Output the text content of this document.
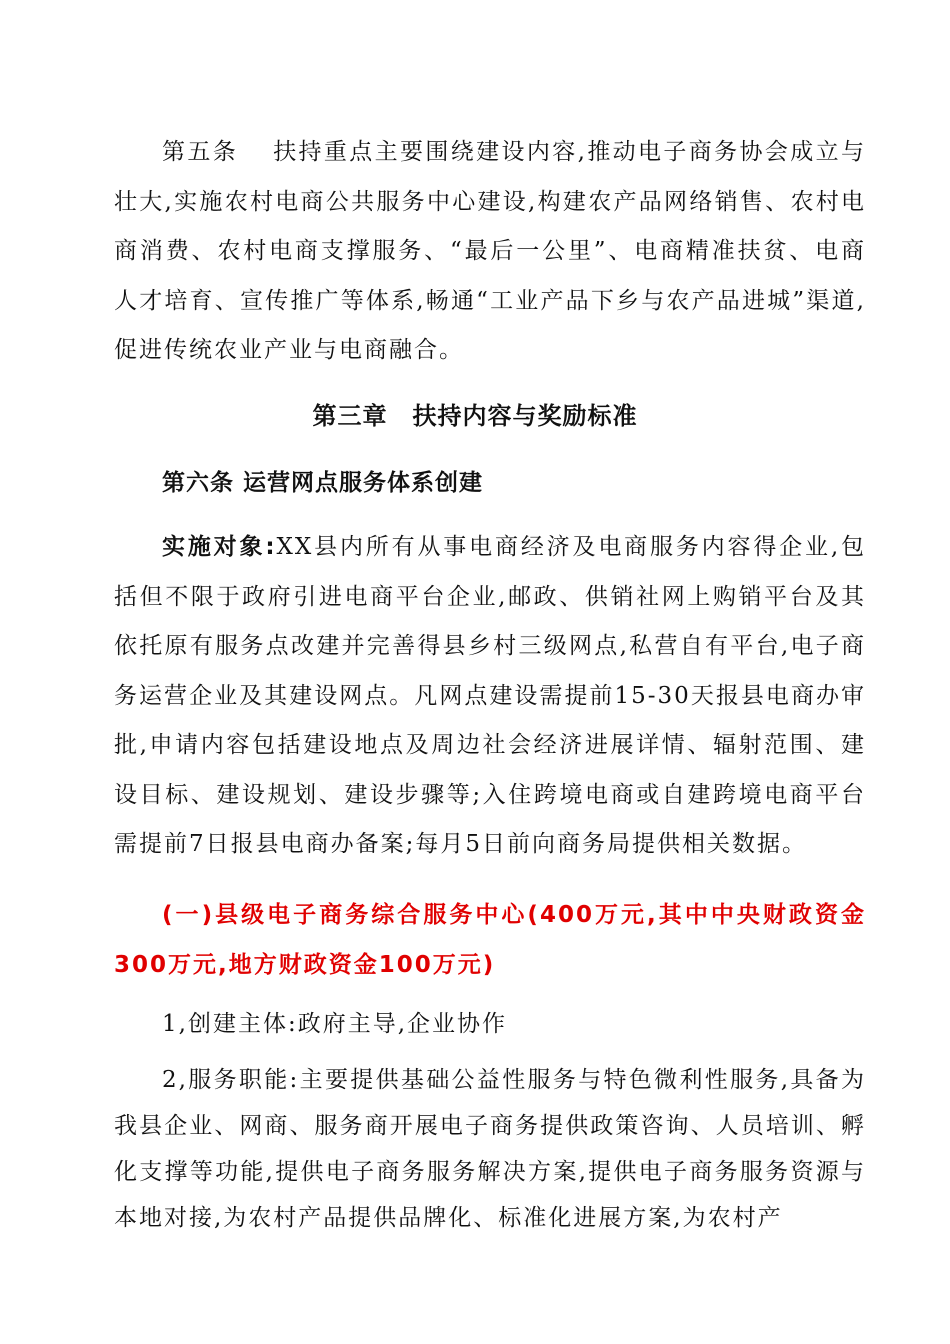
第五条　 扶持重点主要围绕建设内容,推动电子商务协会成立与壮大,实施农村电商公共服务中心建设,构建农产品网络销售、农村电商消费、农村电商支撑服务、“最后一公里”、电商精准扶贫、电商人才培育、宣传推广等体系,畅通“工业产品下乡与农产品进城”渠道,促进传统农业产业与电商融合。

第三章　扶持内容与奖励标准
第六条 运营网点服务体系创建

实施对象:XX县内所有从事电商经济及电商服务内容得企业,包括但不限于政府引进电商平台企业,邮政、供销社网上购销平台及其依托原有服务点改建并完善得县乡村三级网点,私营自有平台,电子商务运营企业及其建设网点。凡网点建设需提前15-30天报县电商办审批,申请内容包括建设地点及周边社会经济进展详情、辐射范围、建设目标、建设规划、建设步骤等;入住跨境电商或自建跨境电商平台需提前7日报县电商办备案;每月5日前向商务局提供相关数据。

(一)县级电子商务综合服务中心(400万元,其中中央财政资金300万元,地方财政资金100万元)

1,创建主体:政府主导,企业协作

2,服务职能:主要提供基础公益性服务与特色微利性服务,具备为我县企业、网商、服务商开展电子商务提供政策咨询、人员培训、孵化支撑等功能,提供电子商务服务解决方案,提供电子商务服务资源与本地对接,为农村产品提供品牌化、标准化进展方案,为农村产
